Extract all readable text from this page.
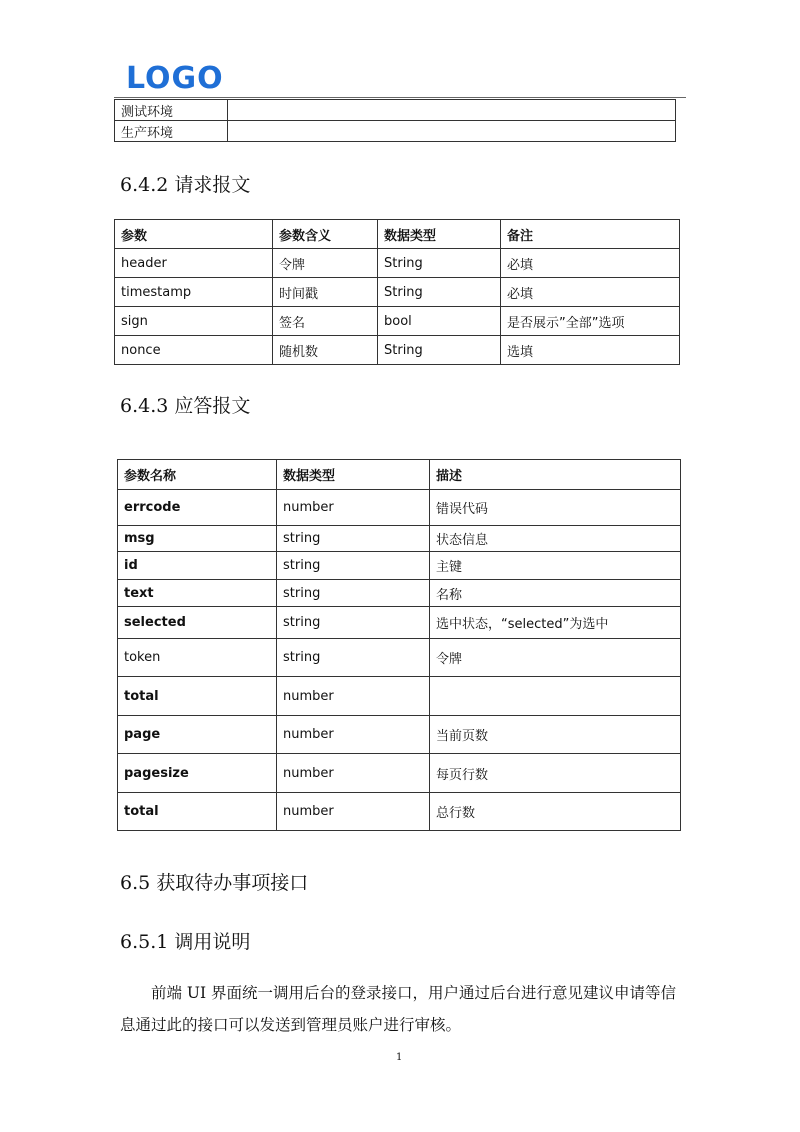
LOGO
测试环境	
生产环境	
6.4.2 请求报文
参数	参数含义	数据类型	备注
header	令牌	String	必填
timestamp	时间戳	String	必填
sign	签名	bool	是否展示”全部”选项
nonce	随机数	String	选填
6.4.3 应答报文
参数名称	数据类型	描述
errcode	number	错误代码
msg	string	状态信息
id	string	主键
text	string	名称
selected	string	选中状态，“selected”为选中
token	string	令牌
total	number	
page	number	当前页数
pagesize	number	每页行数
total	number	总行数
6.5 获取待办事项接口
6.5.1 调用说明

前端 UI 界面统一调用后台的登录接口，用户通过后台进行意见建议申请等信息通过此的接口可以发送到管理员账户进行审核。

1
